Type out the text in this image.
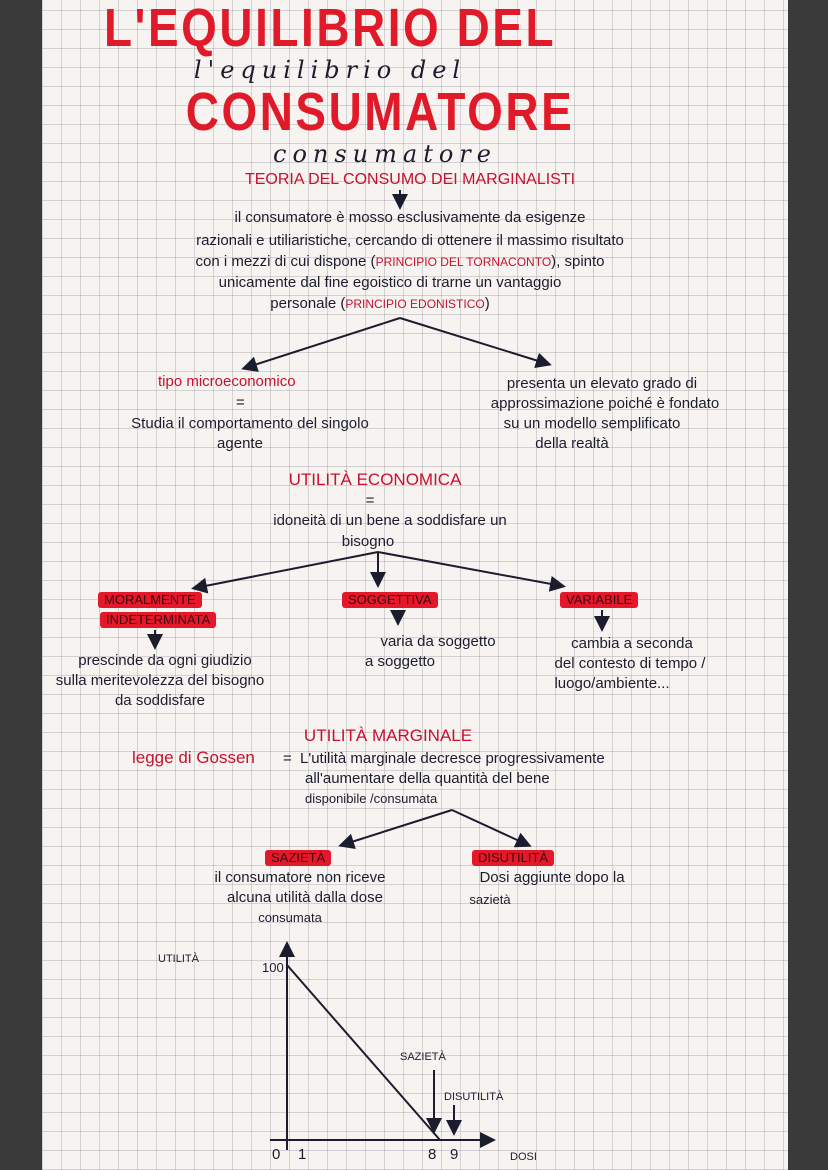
L'EQUILIBRIO DEL
l'equilibrio del
CONSUMATORE
consumatore
TEORIA DEL CONSUMO DEI MARGINALISTI
il consumatore è mosso esclusivamente da esigenze
razionali e utiliaristiche, cercando di ottenere il massimo risultato
con i mezzi di cui dispone (PRINCIPIO DEL TORNACONTO), spinto
unicamente dal fine egoistico di trarne un vantaggio
personale (PRINCIPIO EDONISTICO)
tipo microeconomico
=
Studia il comportamento del singolo
agente
presenta un elevato grado di
approssimazione poiché è fondato
su un modello semplificato
della realtà
UTILITÀ ECONOMICA
=
idoneità di un bene a soddisfare un
bisogno
MORALMENTE
INDETERMINATA
prescinde da ogni giudizio
sulla meritevolezza del bisogno
da soddisfare
SOGGETTIVA
varia da soggetto
a soggetto
VARIABILE
cambia a seconda
del contesto di tempo /
luogo/ambiente...
UTILITÀ MARGINALE
legge di Gossen = L'utilità marginale decresce progressivamente
all'aumentare della quantità del bene
disponibile /consumata
SAZIETÀ	DISUTILITÀ
il consumatore non riceve
alcuna utilità dalla dose
consumata
Dosi aggiunte dopo la
sazietà
UTILITÀ
100
SAZIETÀ
DISUTILITÀ
0 1	8 9	DOSI
